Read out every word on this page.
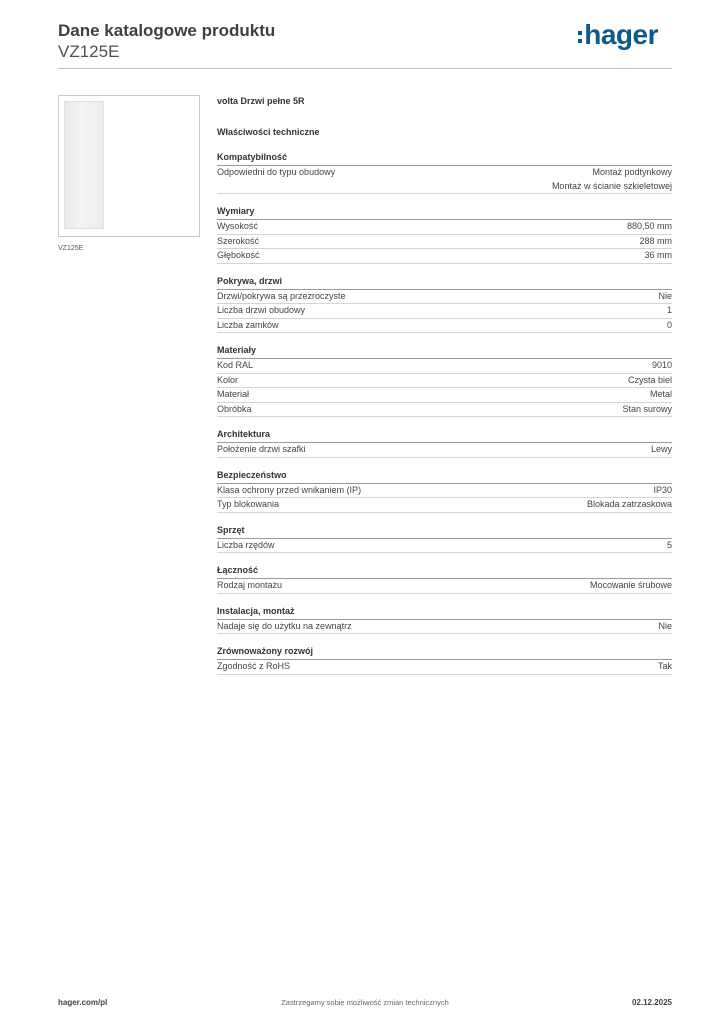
Dane katalogowe produktu
VZ125E
hager
VZ125E
volta Drzwi pełne 5R
Właściwości techniczne
Kompatybilność
Odpowiedni do typu obudowy	Montaż podtynkowy
Montaż w ścianie szkieletowej
Wymiary
Wysokość	880,50 mm
Szerokość	288 mm
Głębokość	36 mm
Pokrywa, drzwi
Drzwi/pokrywa są przezroczyste	Nie
Liczba drzwi obudowy	1
Liczba zamków	0
Materiały
Kod RAL	9010
Kolor	Czysta biel
Materiał	Metal
Obróbka	Stan surowy
Architektura
Położenie drzwi szafki	Lewy
Bezpieczeństwo
Klasa ochrony przed wnikaniem (IP)	IP30
Typ blokowania	Blokada zatrzaskowa
Sprzęt
Liczba rzędów	5
Łączność
Rodzaj montażu	Mocowanie śrubowe
Instalacja, montaż
Nadaje się do użytku na zewnątrz	Nie
Zrównoważony rozwój
Zgodność z RoHS	Tak
hager.com/pl	Zastrzegamy sobie możliwość zmian technicznych	02.12.2025
